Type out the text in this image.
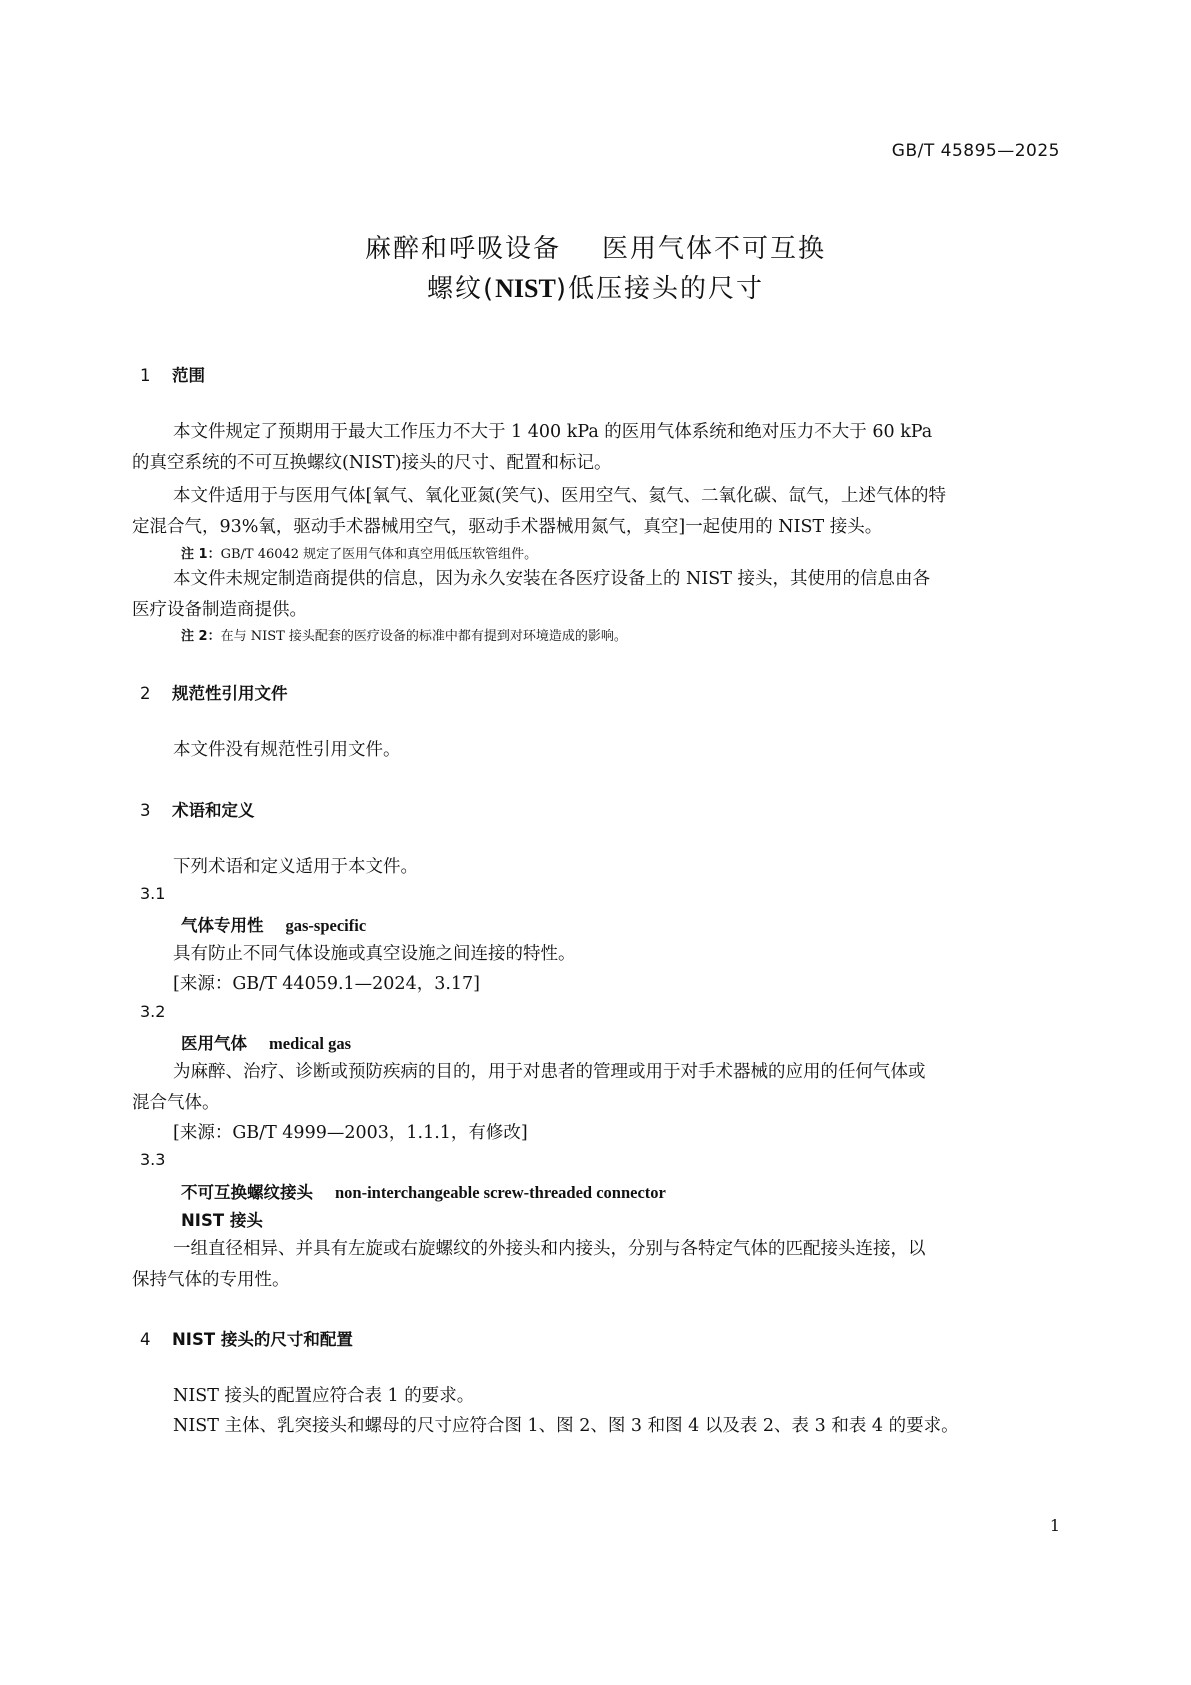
GB/T 45895—2025
麻醉和呼吸设备    医用气体不可互换
螺纹(NIST)低压接头的尺寸
1 范围
本文件规定了预期用于最大工作压力不大于 1 400 kPa 的医用气体系统和绝对压力不大于 60 kPa
的真空系统的不可互换螺纹(NIST)接头的尺寸、配置和标记。
本文件适用于与医用气体[氧气、氧化亚氮(笑气)、医用空气、氦气、二氧化碳、氙气，上述气体的特
定混合气，93%氧，驱动手术器械用空气，驱动手术器械用氮气，真空]一起使用的 NIST 接头。
注 1：GB/T 46042 规定了医用气体和真空用低压软管组件。
本文件未规定制造商提供的信息，因为永久安装在各医疗设备上的 NIST 接头，其使用的信息由各
医疗设备制造商提供。
注 2：在与 NIST 接头配套的医疗设备的标准中都有提到对环境造成的影响。
2 规范性引用文件
本文件没有规范性引用文件。
3 术语和定义
下列术语和定义适用于本文件。
3.1
气体专用性 gas-specific
具有防止不同气体设施或真空设施之间连接的特性。
[来源：GB/T 44059.1—2024，3.17]
3.2
医用气体 medical gas
为麻醉、治疗、诊断或预防疾病的目的，用于对患者的管理或用于对手术器械的应用的任何气体或
混合气体。
[来源：GB/T 4999—2003，1.1.1，有修改]
3.3
不可互换螺纹接头 non-interchangeable screw-threaded connector
NIST 接头
一组直径相异、并具有左旋或右旋螺纹的外接头和内接头，分别与各特定气体的匹配接头连接，以
保持气体的专用性。
4 NIST 接头的尺寸和配置
NIST 接头的配置应符合表 1 的要求。
NIST 主体、乳突接头和螺母的尺寸应符合图 1、图 2、图 3 和图 4 以及表 2、表 3 和表 4 的要求。
1
